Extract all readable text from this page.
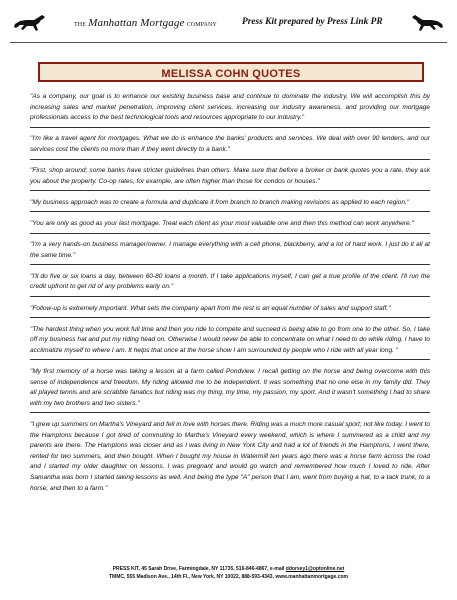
THE Manhattan Mortgage COMPANY	Press Kit prepared by Press Link PR
MELISSA COHN QUOTES

"As a company, our goal is to enhance our existing business base and continue to dominate the industry. We will accomplish this by increasing sales and market penetration, improving client services, increasing our industry awareness, and providing our mortgage professionals access to the best technological tools and resources appropriate to our industry."

"I'm like a travel agent for mortgages. What we do is enhance the banks' products and services. We deal with over 90 lenders, and our services cost the clients no more than if they went directly to a bank."

"First, shop around; some banks have stricter guidelines than others. Make sure that before a broker or bank quotes you a rate, they ask you about the property. Co-op rates, for example, are often higher than those for condos or houses."

"My business approach was to create a formula and duplicate it from branch to branch making revisions as applied to each region."

"You are only as good as your last mortgage. Treat each client as your most valuable one and then this method can work anywhere."

"I'm a very hands-on business manager/owner. I manage everything with a cell phone, blackberry, and a lot of hard work. I just do it all at the same time."

"I'll do five or six loans a day, between 60-80 loans a month. If I take applications myself, I can get a true profile of the client. I'll run the credit upfront to get rid of any problems early on."

"Follow-up is extremely important. What sets the company apart from the rest is an equal number of sales and support staff."

"The hardest thing when you work full time and then you ride to compete and succeed is being able to go from one to the other. So, I take off my business hat and put my riding head on. Otherwise I would never be able to concentrate on what I need to do while riding. I have to acclimatize myself to where I am. It helps that once at the horse show I am surrounded by people who I ride with all year long. "

"My first memory of a horse was taking a lesson at a farm called Pondview. I recall getting on the horse and being overcome with this sense of independence and freedom. My riding allowed me to be independent. It was something that no one else in my family did. They all played tennis and are scrabble fanatics but riding was my thing, my time, my passion, my sport. And it wasn't something I had to share with my two brothers and two sisters."

"I grew up summers on Martha's Vineyard and fell in love with horses there. Riding was a much more casual sport; not like today. I went to the Hamptons because I got tired of commuting to Martha's Vineyard every weekend, which is where I summered as a child and my parents are there. The Hamptons was closer and as I was living in New York City and had a lot of friends in the Hamptons, I went there, rented for two summers, and then bought. When I bought my house in Watermill ten years ago there was a horse farm across the road and I started my older daughter on lessons. I was pregnant and would go watch and remembered how much I loved to ride. After Samantha was born I started taking lessons as well. And being the type "A" person that I am, went from buying a hat, to a tack trunk, to a horse, and then to a farm."

PRESS KIT, 45 Sarah Drive, Farmingdale, NY 11735, 516-846-4867, e-mail ddorsey1@optonline.net
TMMC, 555 Madison Ave., 14th Fl., New York, NY 10022, 888-593-4343, www.manhattanmortgage.com
